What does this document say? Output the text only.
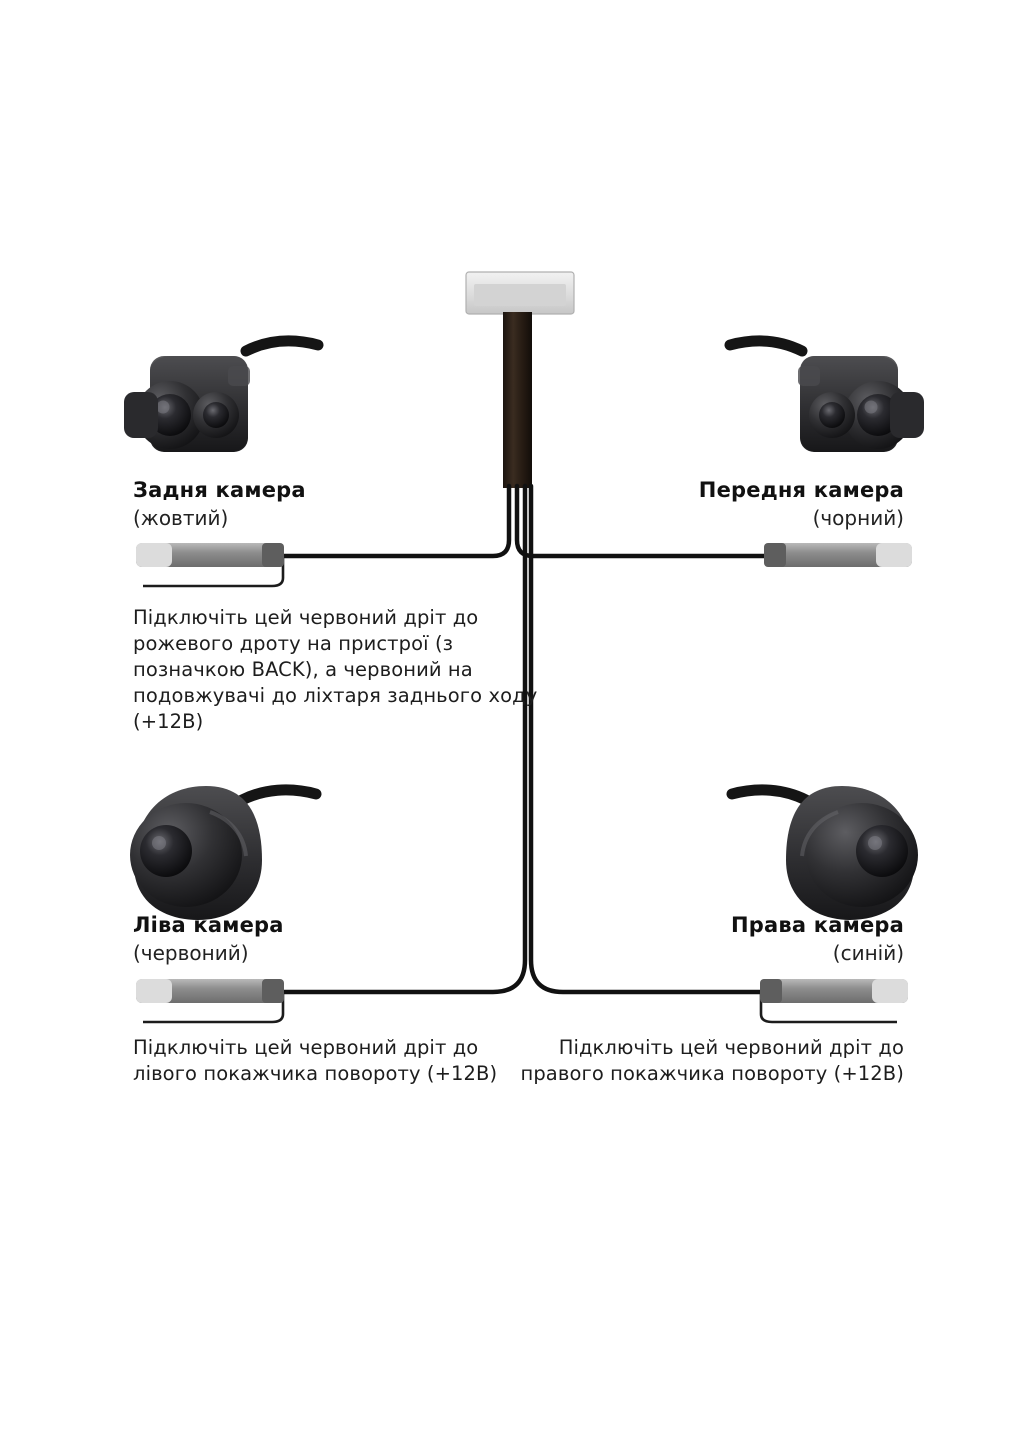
Задня камера
(жовтий)
Передня камера
(чорний)
Ліва камера
(червоний)
Права камера
(синій)
Підключіть цей червоний дріт до рожевого дроту на пристрої (з позначкою BACK), а червоний на подовжувачі до ліхтаря заднього ходу (+12В)
Підключіть цей червоний дріт до лівого покажчика повороту (+12В)
Підключіть цей червоний дріт до правого покажчика повороту (+12В)
